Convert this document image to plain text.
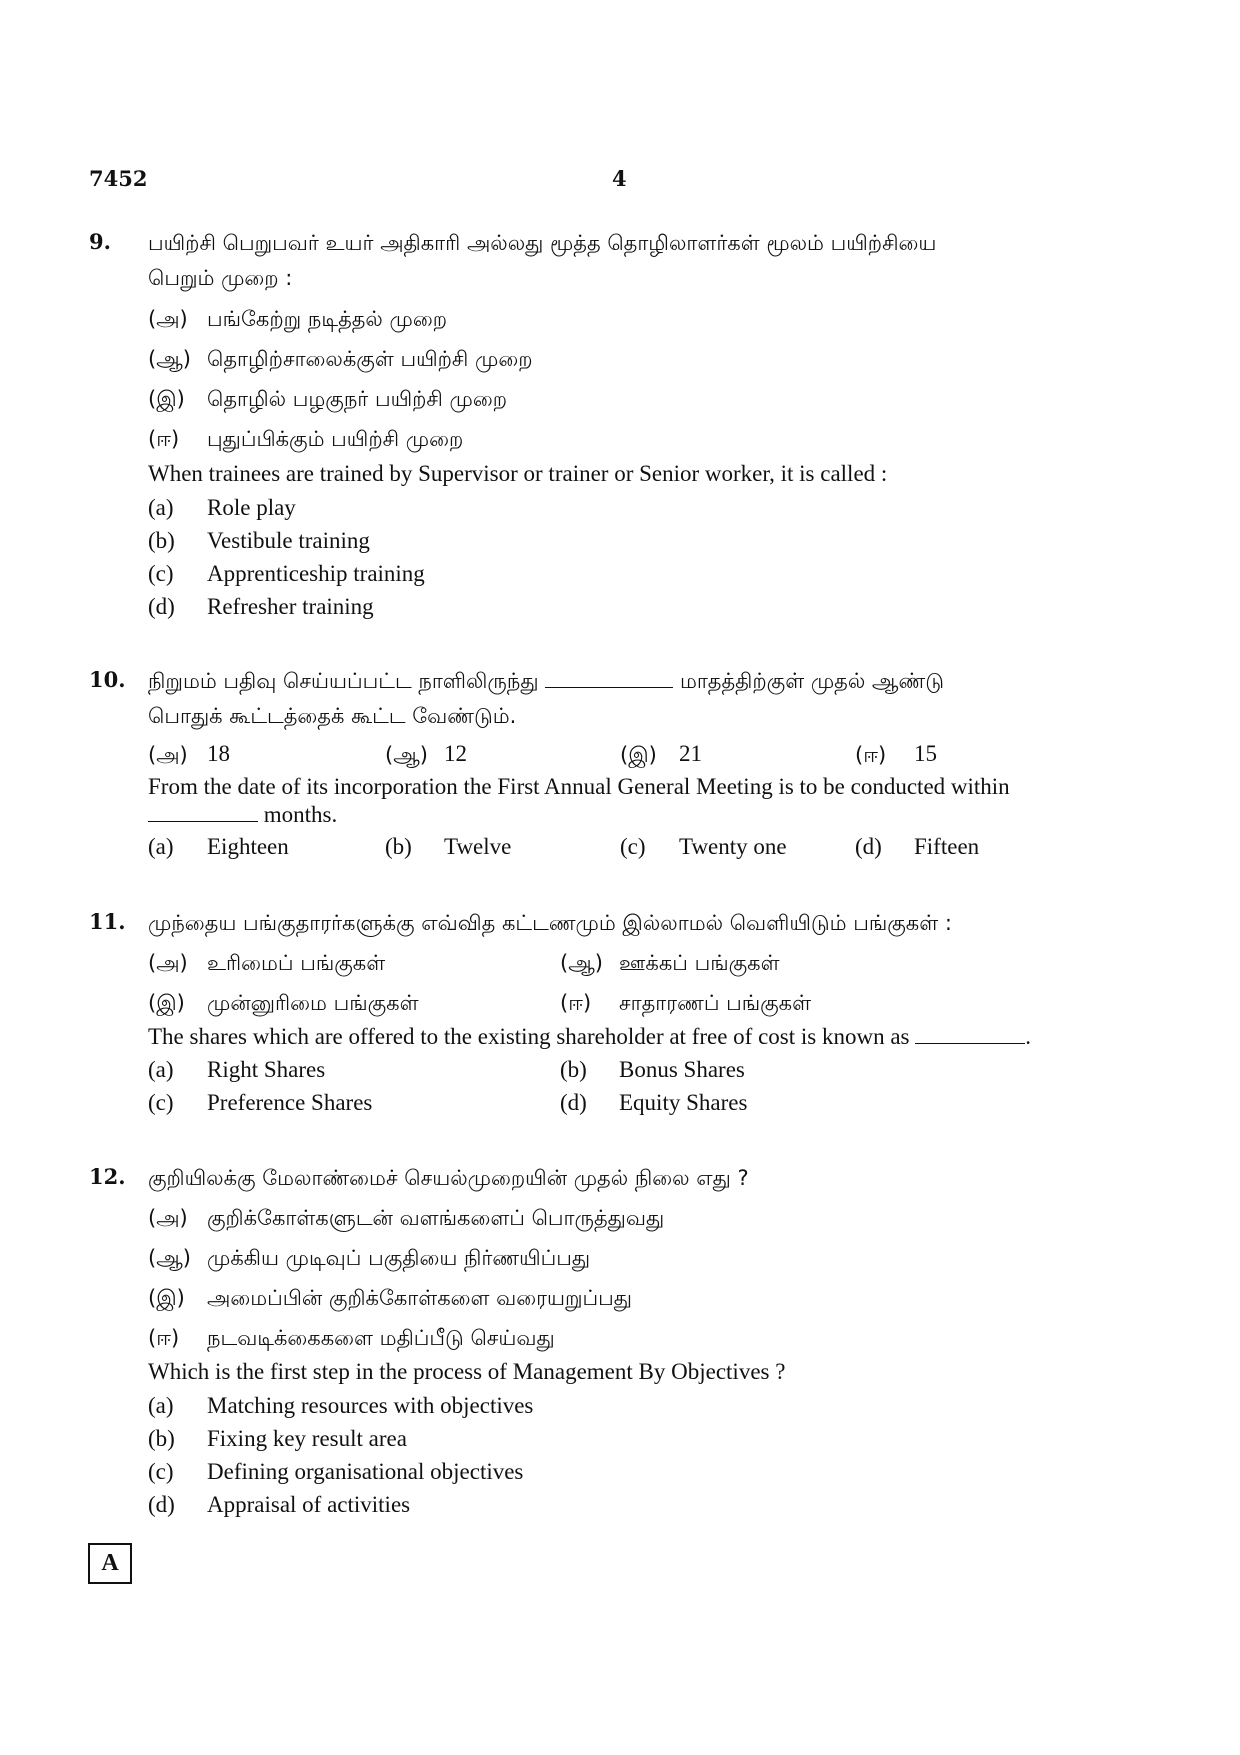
7452	4
9. பயிற்சி பெறுபவர் உயர் அதிகாரி அல்லது மூத்த தொழிலாளர்கள் மூலம் பயிற்சியை
பெறும் முறை :
(அ) பங்கேற்று நடித்தல் முறை
(ஆ) தொழிற்சாலைக்குள் பயிற்சி முறை
(இ) தொழில் பழகுநர் பயிற்சி முறை
(ஈ) புதுப்பிக்கும் பயிற்சி முறை
When trainees are trained by Supervisor or trainer or Senior worker, it is called :
(a) Role play
(b) Vestibule training
(c) Apprenticeship training
(d) Refresher training
10. நிறுமம் பதிவு செய்யப்பட்ட நாளிலிருந்து	மாதத்திற்குள் முதல் ஆண்டு
பொதுக் கூட்டத்தைக் கூட்ட வேண்டும்.
(அ) 18	(ஆ) 12	(இ) 21	(ஈ) 15
From the date of its incorporation the First Annual General Meeting is to be conducted within
months.
(a) Eighteen	(b) Twelve	(c) Twenty one	(d) Fifteen
11. முந்தைய பங்குதாரர்களுக்கு எவ்வித கட்டணமும் இல்லாமல் வெளியிடும் பங்குகள் :
(அ) உரிமைப் பங்குகள்	(ஆ) ஊக்கப் பங்குகள்
(இ) முன்னுரிமை பங்குகள்	(ஈ) சாதாரணப் பங்குகள்
The shares which are offered to the existing shareholder at free of cost is known as	.
(a) Right Shares	(b) Bonus Shares
(c) Preference Shares	(d) Equity Shares
12. குறியிலக்கு மேலாண்மைச் செயல்முறையின் முதல் நிலை எது ?
(அ) குறிக்கோள்களுடன் வளங்களைப் பொருத்துவது
(ஆ) முக்கிய முடிவுப் பகுதியை நிர்ணயிப்பது
(இ) அமைப்பின் குறிக்கோள்களை வரையறுப்பது
(ஈ) நடவடிக்கைகளை மதிப்பீடு செய்வது
Which is the first step in the process of Management By Objectives ?
(a) Matching resources with objectives
(b) Fixing key result area
(c) Defining organisational objectives
(d) Appraisal of activities
A
